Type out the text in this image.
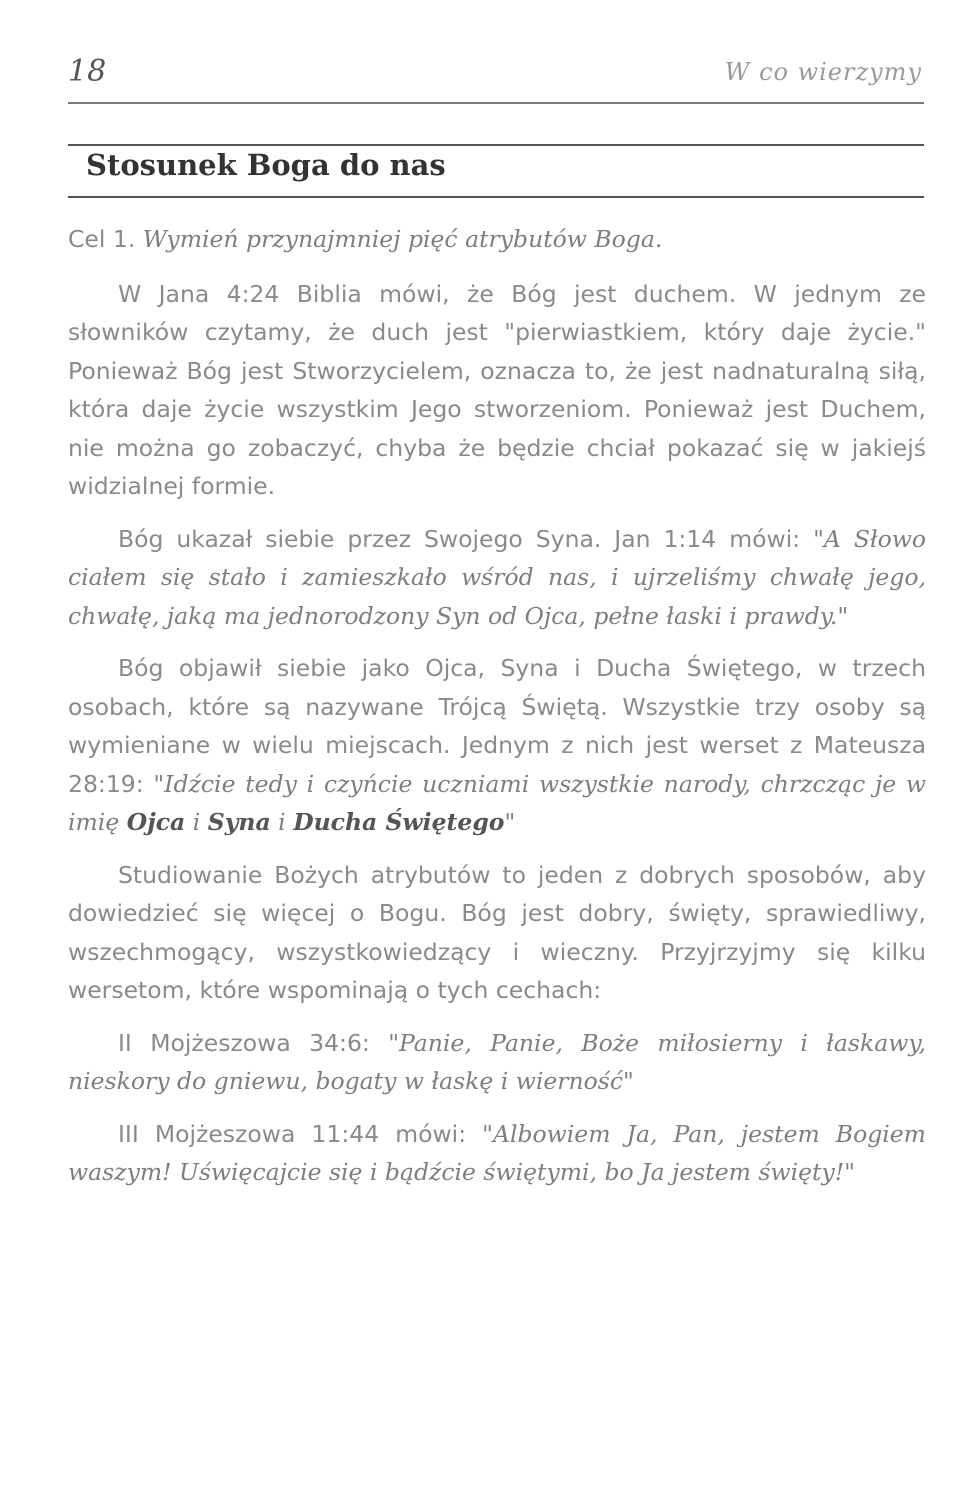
18	W co wierzymy
Stosunek Boga do nas

Cel 1. Wymień przynajmniej pięć atrybutów Boga.

W Jana 4:24 Biblia mówi, że Bóg jest duchem. W jednym ze słowników czytamy, że duch jest "pierwiastkiem, który daje życie." Ponieważ Bóg jest Stworzycielem, oznacza to, że jest nadnaturalną siłą, która daje życie wszystkim Jego stworzeniom. Ponieważ jest Duchem, nie można go zobaczyć, chyba że będzie chciał pokazać się w jakiejś widzialnej formie.

Bóg ukazał siebie przez Swojego Syna. Jan 1:14 mówi: "A Słowo ciałem się stało i zamieszkało wśród nas, i ujrzeliśmy chwałę jego, chwałę, jaką ma jednorodzony Syn od Ojca, pełne łaski i prawdy."

Bóg objawił siebie jako Ojca, Syna i Ducha Świętego, w trzech osobach, które są nazywane Trójcą Świętą. Wszystkie trzy osoby są wymieniane w wielu miejscach. Jednym z nich jest werset z Mateusza 28:19: "Idźcie tedy i czyńcie uczniami wszystkie narody, chrzcząc je w imię Ojca i Syna i Ducha Świętego"

Studiowanie Bożych atrybutów to jeden z dobrych sposobów, aby dowiedzieć się więcej o Bogu. Bóg jest dobry, święty, sprawiedliwy, wszechmogący, wszystkowiedzący i wieczny. Przyjrzyjmy się kilku wersetom, które wspominają o tych cechach:

II Mojżeszowa 34:6: "Panie, Panie, Boże miłosierny i łaskawy, nieskory do gniewu, bogaty w łaskę i wierność"

III Mojżeszowa 11:44 mówi: "Albowiem Ja, Pan, jestem Bogiem waszym! Uświęcajcie się i bądźcie świętymi, bo Ja jestem święty!"
